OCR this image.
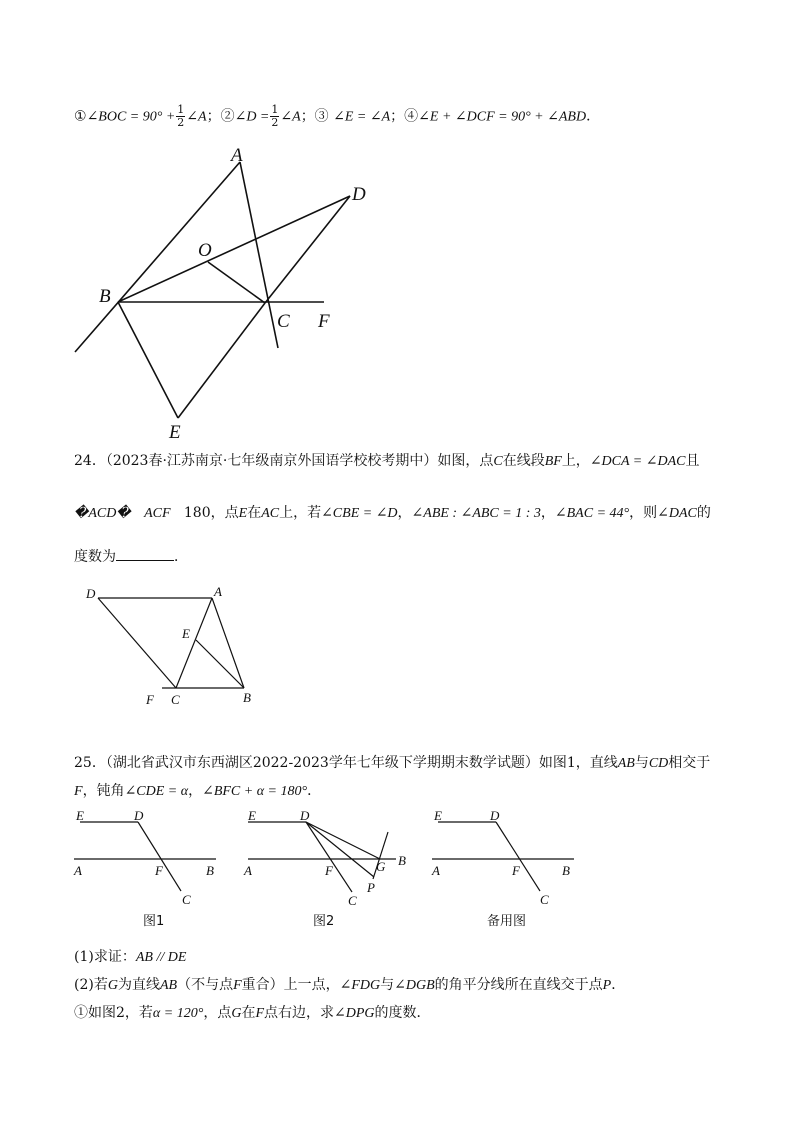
①∠BOC = $90^\circ + \frac{1}{2}$ ∠A；②∠D = $\frac{1}{2}$ ∠A；③ ∠E = ∠A；④∠E + ∠DCF = 90° + ∠ABD．
A
D
O
B
C F
E
24．（2023春·江苏南京·七年级南京外国语学校校考期中）如图，点C在线段BF上，∠DCA = ∠DAC且
�ACD� ACF 180，点E在AC上，若∠CBE = ∠D，∠ABE : ∠ABC = 1 : 3，∠BAC = 44°，则∠DAC的
度数为	．
D	A
E
F C	B
25．（湖北省武汉市东西湖区2022-2023学年七年级下学期期末数学试题）如图1，直线AB与CD相交于
F，钝角∠CDE = α，∠BFC + α = 180°．
E	D
A	F	B
C
图1
E	D
A	F	G B
P
C
图2
E	D
A	F	B
C
备用图
(1)求证：AB // DE
(2)若G为直线AB（不与点F重合）上一点，∠FDG与∠DGB的角平分线所在直线交于点P．
①如图2，若α = 120°，点G在F点右边，求∠DPG的度数．
